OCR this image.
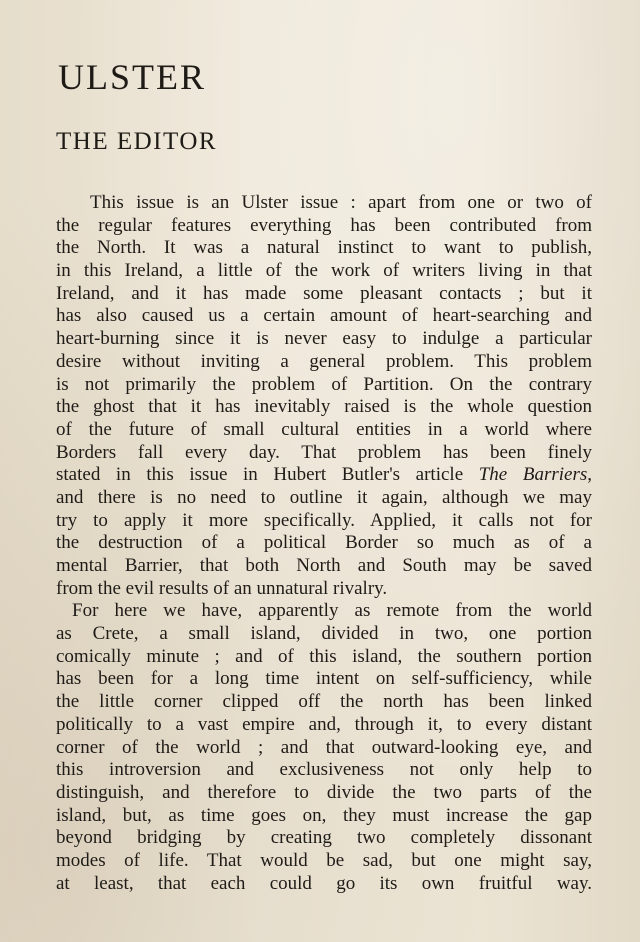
ULSTER
THE EDITOR
This issue is an Ulster issue : apart from one or two of
the regular features everything has been contributed from
the North. It was a natural instinct to want to publish,
in this Ireland, a little of the work of writers living in that
Ireland, and it has made some pleasant contacts ; but it
has also caused us a certain amount of heart-searching and
heart-burning since it is never easy to indulge a particular
desire without inviting a general problem. This problem
is not primarily the problem of Partition. On the contrary
the ghost that it has inevitably raised is the whole question
of the future of small cultural entities in a world where
Borders fall every day. That problem has been finely
stated in this issue in Hubert Butler's article The Barriers,
and there is no need to outline it again, although we may
try to apply it more specifically. Applied, it calls not for
the destruction of a political Border so much as of a
mental Barrier, that both North and South may be saved
from the evil results of an unnatural rivalry.
For here we have, apparently as remote from the world
as Crete, a small island, divided in two, one portion
comically minute ; and of this island, the southern portion
has been for a long time intent on self-sufficiency, while
the little corner clipped off the north has been linked
politically to a vast empire and, through it, to every distant
corner of the world ; and that outward-looking eye, and
this introversion and exclusiveness not only help to
distinguish, and therefore to divide the two parts of the
island, but, as time goes on, they must increase the gap
beyond bridging by creating two completely dissonant
modes of life. That would be sad, but one might say,
at least, that each could go its own fruitful way.
